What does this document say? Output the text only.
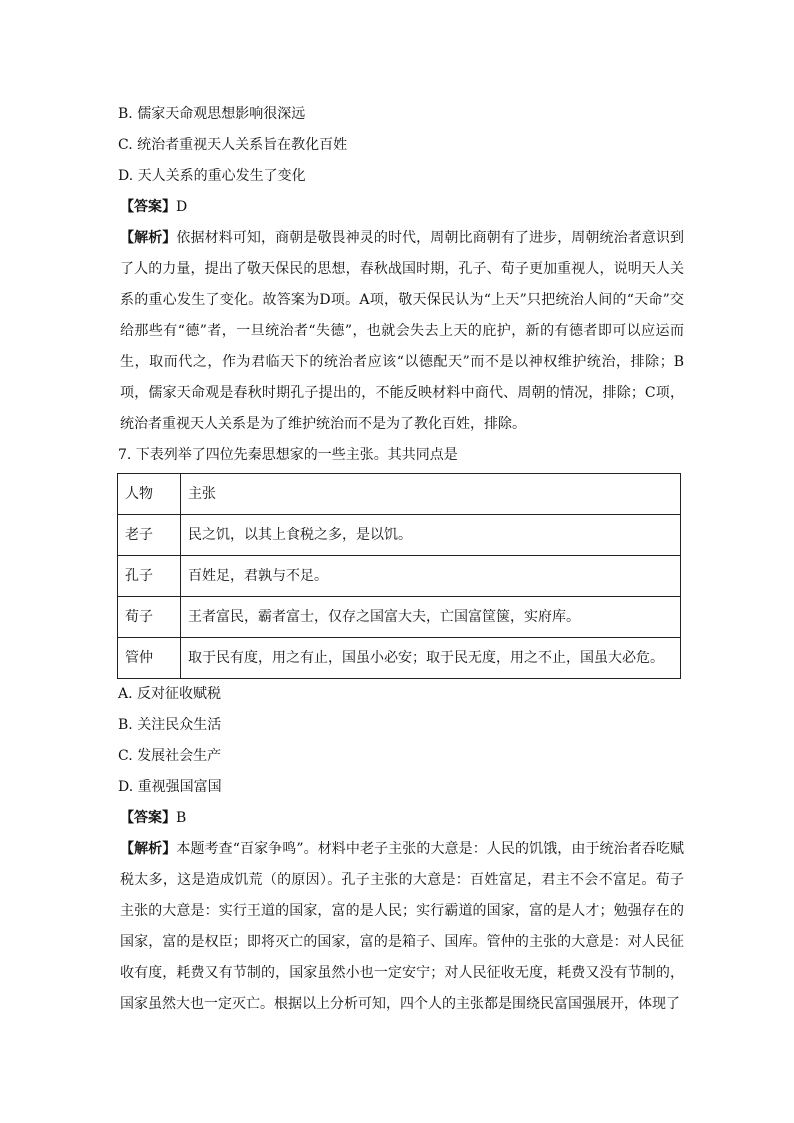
B. 儒家天命观思想影响很深远
C. 统治者重视天人关系旨在教化百姓
D. 天人关系的重心发生了变化
【答案】D

【解析】依据材料可知，商朝是敬畏神灵的时代，周朝比商朝有了进步，周朝统治者意识到了人的力量，提出了敬天保民的思想，春秋战国时期，孔子、荀子更加重视人，说明天人关系的重心发生了变化。故答案为D项。A项，敬天保民认为“上天”只把统治人间的“天命”交给那些有“德”者，一旦统治者“失德”，也就会失去上天的庇护，新的有德者即可以应运而生，取而代之，作为君临天下的统治者应该“以德配天”而不是以神权维护统治，排除；B项，儒家天命观是春秋时期孔子提出的，不能反映材料中商代、周朝的情况，排除；C项，统治者重视天人关系是为了维护统治而不是为了教化百姓，排除。

7. 下表列举了四位先秦思想家的一些主张。其共同点是
人物	主张
老子	民之饥，以其上食税之多，是以饥。
孔子	百姓足，君孰与不足。
荀子	王者富民，霸者富士，仅存之国富大夫，亡国富筐箧，实府库。
管仲	取于民有度，用之有止，国虽小必安；取于民无度，用之不止，国虽大必危。
A. 反对征收赋税
B. 关注民众生活
C. 发展社会生产
D. 重视强国富国
【答案】B

【解析】本题考查“百家争鸣”。材料中老子主张的大意是：人民的饥饿，由于统治者吞吃赋税太多，这是造成饥荒（的原因）。孔子主张的大意是：百姓富足，君主不会不富足。荀子主张的大意是：实行王道的国家，富的是人民；实行霸道的国家，富的是人才；勉强存在的国家，富的是权臣；即将灭亡的国家，富的是箱子、国库。管仲的主张的大意是：对人民征收有度，耗费又有节制的，国家虽然小也一定安宁；对人民征收无度，耗费又没有节制的，国家虽然大也一定灭亡。根据以上分析可知，四个人的主张都是围绕民富国强展开，体现了
